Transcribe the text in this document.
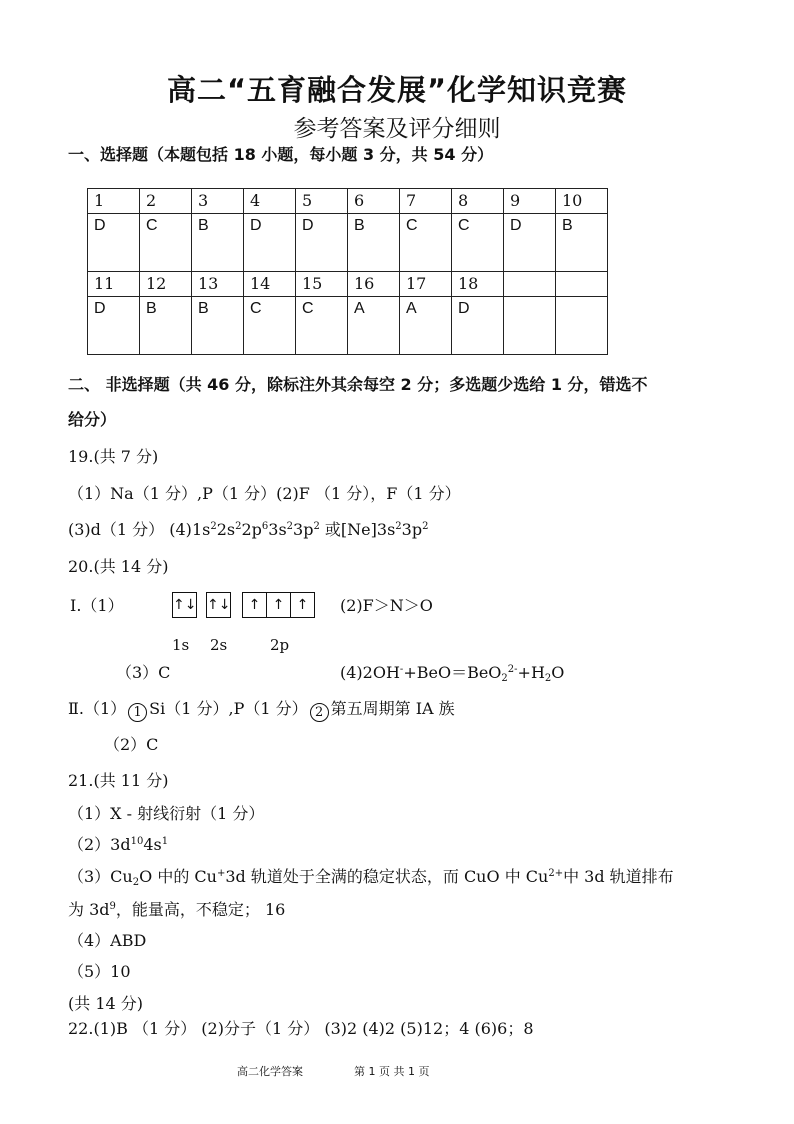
高二“五育融合发展”化学知识竞赛
参考答案及评分细则
一、选择题（本题包括 18 小题，每小题 3 分，共 54 分）
1	2	3	4	5	6	7	8	9	10
D	C	B	D	D	B	C	C	D	B
11	12	13	14	15	16	17	18		
D	B	B	C	C	A	A	D		
二、 非选择题（共 46 分，除标注外其余每空 2 分；多选题少选给 1 分，错选不
给分）
19.(共 7 分)
（1）Na（1 分）,P（1 分）(2)F （1 分），F（1 分）
(3)d（1 分） $(4)1s^22s^22p^63s^23p^2$ 或$[Ne]3s^23p^2$
20.(共 14 分)
Ⅰ.（1）	↑↓ ↑↓	↑ ↑ ↑	(2)F＞N＞O
1s 2s	2p
（3）C	$(4)2OH^-+BeO=BeO_2^{2-}+H_2O$
Ⅱ.（1） 1 Si（1 分）,P（1 分） 2 第五周期第 IA 族
（2）C
21.(共 11 分)
（1）X - 射线衍射（1 分）
$(2)3d^{10}4s^1$
$(3)Cu_2O$ 中的 Cu+3d 轨道处于全满的稳定状态，而 CuO 中 $Cu^{2+}$中 3d 轨道排布
为 $3d^9$，能量高，不稳定； 16
（4）ABD
（5）10
(共 14 分)
22.(1)B （1 分） (2)分子（1 分） (3)2 (4)2 (5)12；4 (6)6；8
高二化学答案	第 1 页 共 1 页
